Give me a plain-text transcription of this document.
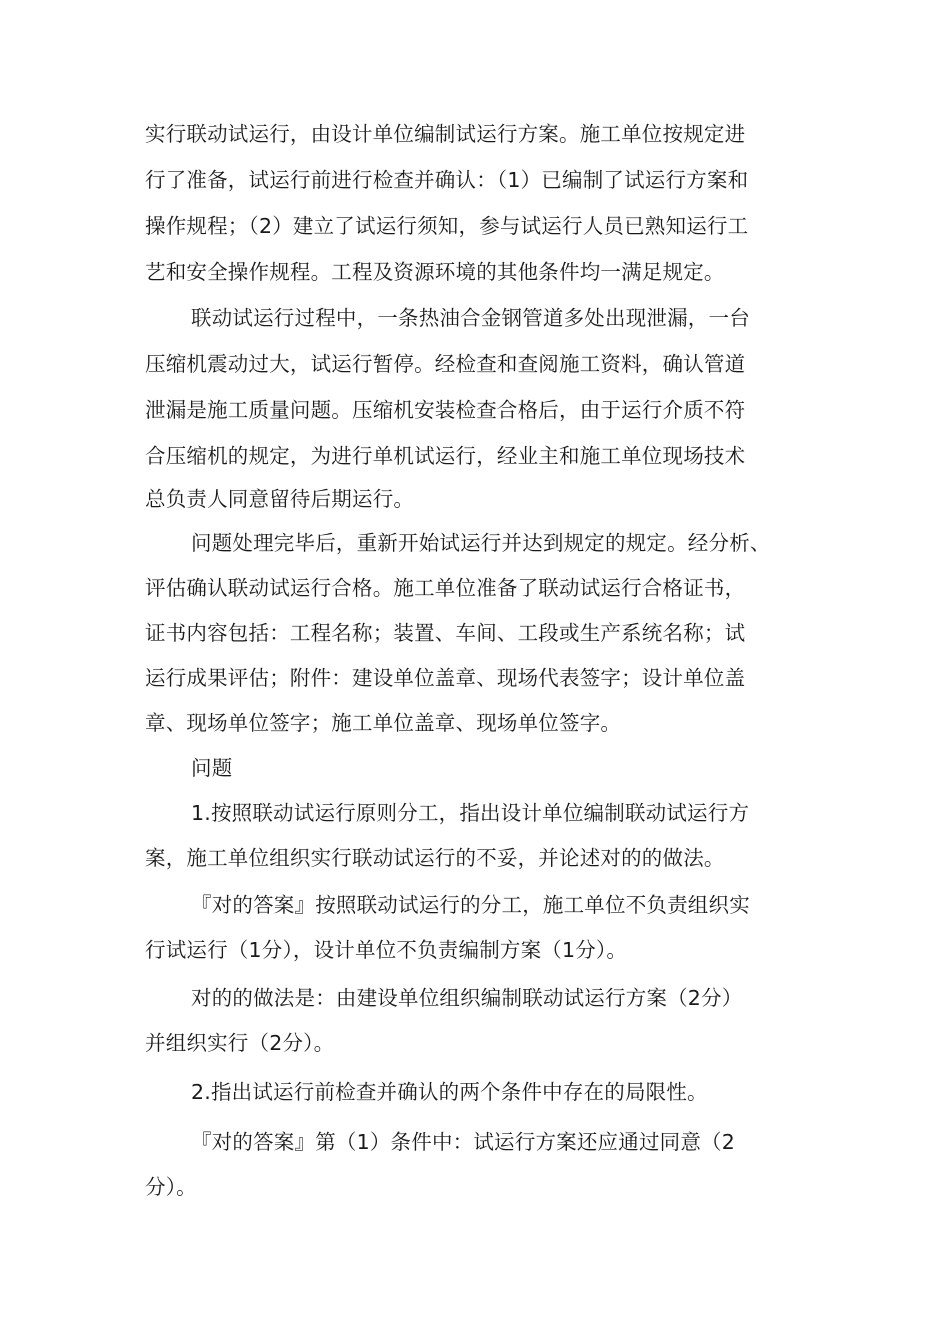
实行联动试运行，由设计单位编制试运行方案。施工单位按规定进
行了准备，试运行前进行检查并确认：（1）已编制了试运行方案和
操作规程；（2）建立了试运行须知，参与试运行人员已熟知运行工
艺和安全操作规程。工程及资源环境的其他条件均一满足规定。
联动试运行过程中，一条热油合金钢管道多处出现泄漏，一台
压缩机震动过大，试运行暂停。经检查和查阅施工资料，确认管道
泄漏是施工质量问题。压缩机安装检查合格后，由于运行介质不符
合压缩机的规定，为进行单机试运行，经业主和施工单位现场技术
总负责人同意留待后期运行。
问题处理完毕后，重新开始试运行并达到规定的规定。经分析、
评估确认联动试运行合格。施工单位准备了联动试运行合格证书，
证书内容包括：工程名称；装置、车间、工段或生产系统名称；试
运行成果评估；附件：建设单位盖章、现场代表签字；设计单位盖
章、现场单位签字；施工单位盖章、现场单位签字。
问题
1.按照联动试运行原则分工，指出设计单位编制联动试运行方
案，施工单位组织实行联动试运行的不妥，并论述对的的做法。
『对的答案』按照联动试运行的分工，施工单位不负责组织实
行试运行（1分），设计单位不负责编制方案（1分）。
对的的做法是：由建设单位组织编制联动试运行方案（2分）
并组织实行（2分）。
2.指出试运行前检查并确认的两个条件中存在的局限性。
『对的答案』第（1）条件中：试运行方案还应通过同意（2
分）。
